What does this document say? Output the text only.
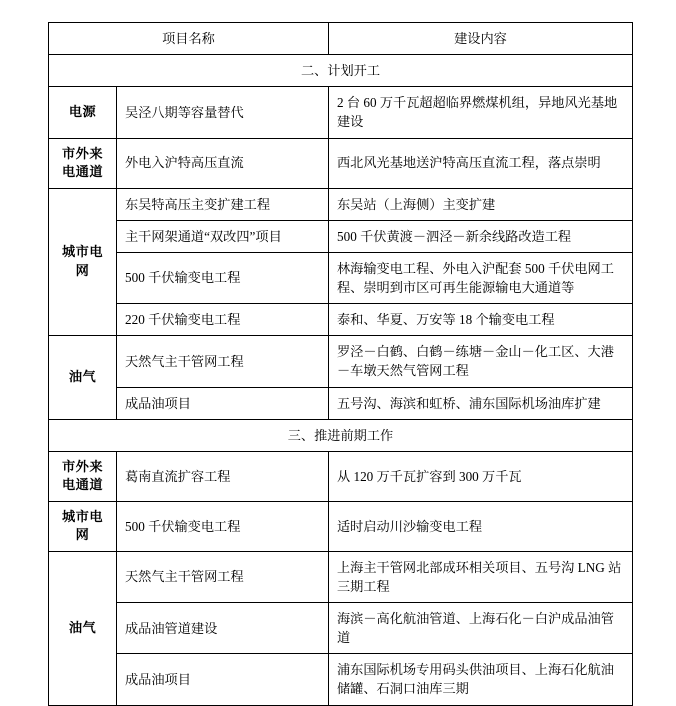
项目名称		建设内容
二、计划开工		

电源	吴泾八期等容量替代	2 台 60 万千瓦超超临界燃煤机组，异地风光基地建设

市外来电通道	外电入沪特高压直流	西北风光基地送沪特高压直流工程，落点崇明

城市电网	东吴特高压主变扩建工程	东吴站（上海侧）主变扩建
	主干网架通道“双改四”项目	500 千伏黄渡－泗泾－新余线路改造工程
	500 千伏输变电工程	林海输变电工程、外电入沪配套 500 千伏电网工程、崇明到市区可再生能源输电大通道等
	220 千伏输变电工程	泰和、华夏、万安等 18 个输变电工程

油气	天然气主干管网工程	罗泾－白鹤、白鹤－练塘－金山－化工区、大港－车墩天然气管网工程
	成品油项目	五号沟、海滨和虹桥、浦东国际机场油库扩建
三、推进前期工作		

市外来电通道	葛南直流扩容工程	从 120 万千瓦扩容到 300 万千瓦

城市电网	500 千伏输变电工程	适时启动川沙输变电工程

油气	天然气主干管网工程	上海主干管网北部成环相关项目、五号沟 LNG 站三期工程
	成品油管道建设	海滨－高化航油管道、上海石化－白沪成品油管道
	成品油项目	浦东国际机场专用码头供油项目、上海石化航油储罐、石洞口油库三期
